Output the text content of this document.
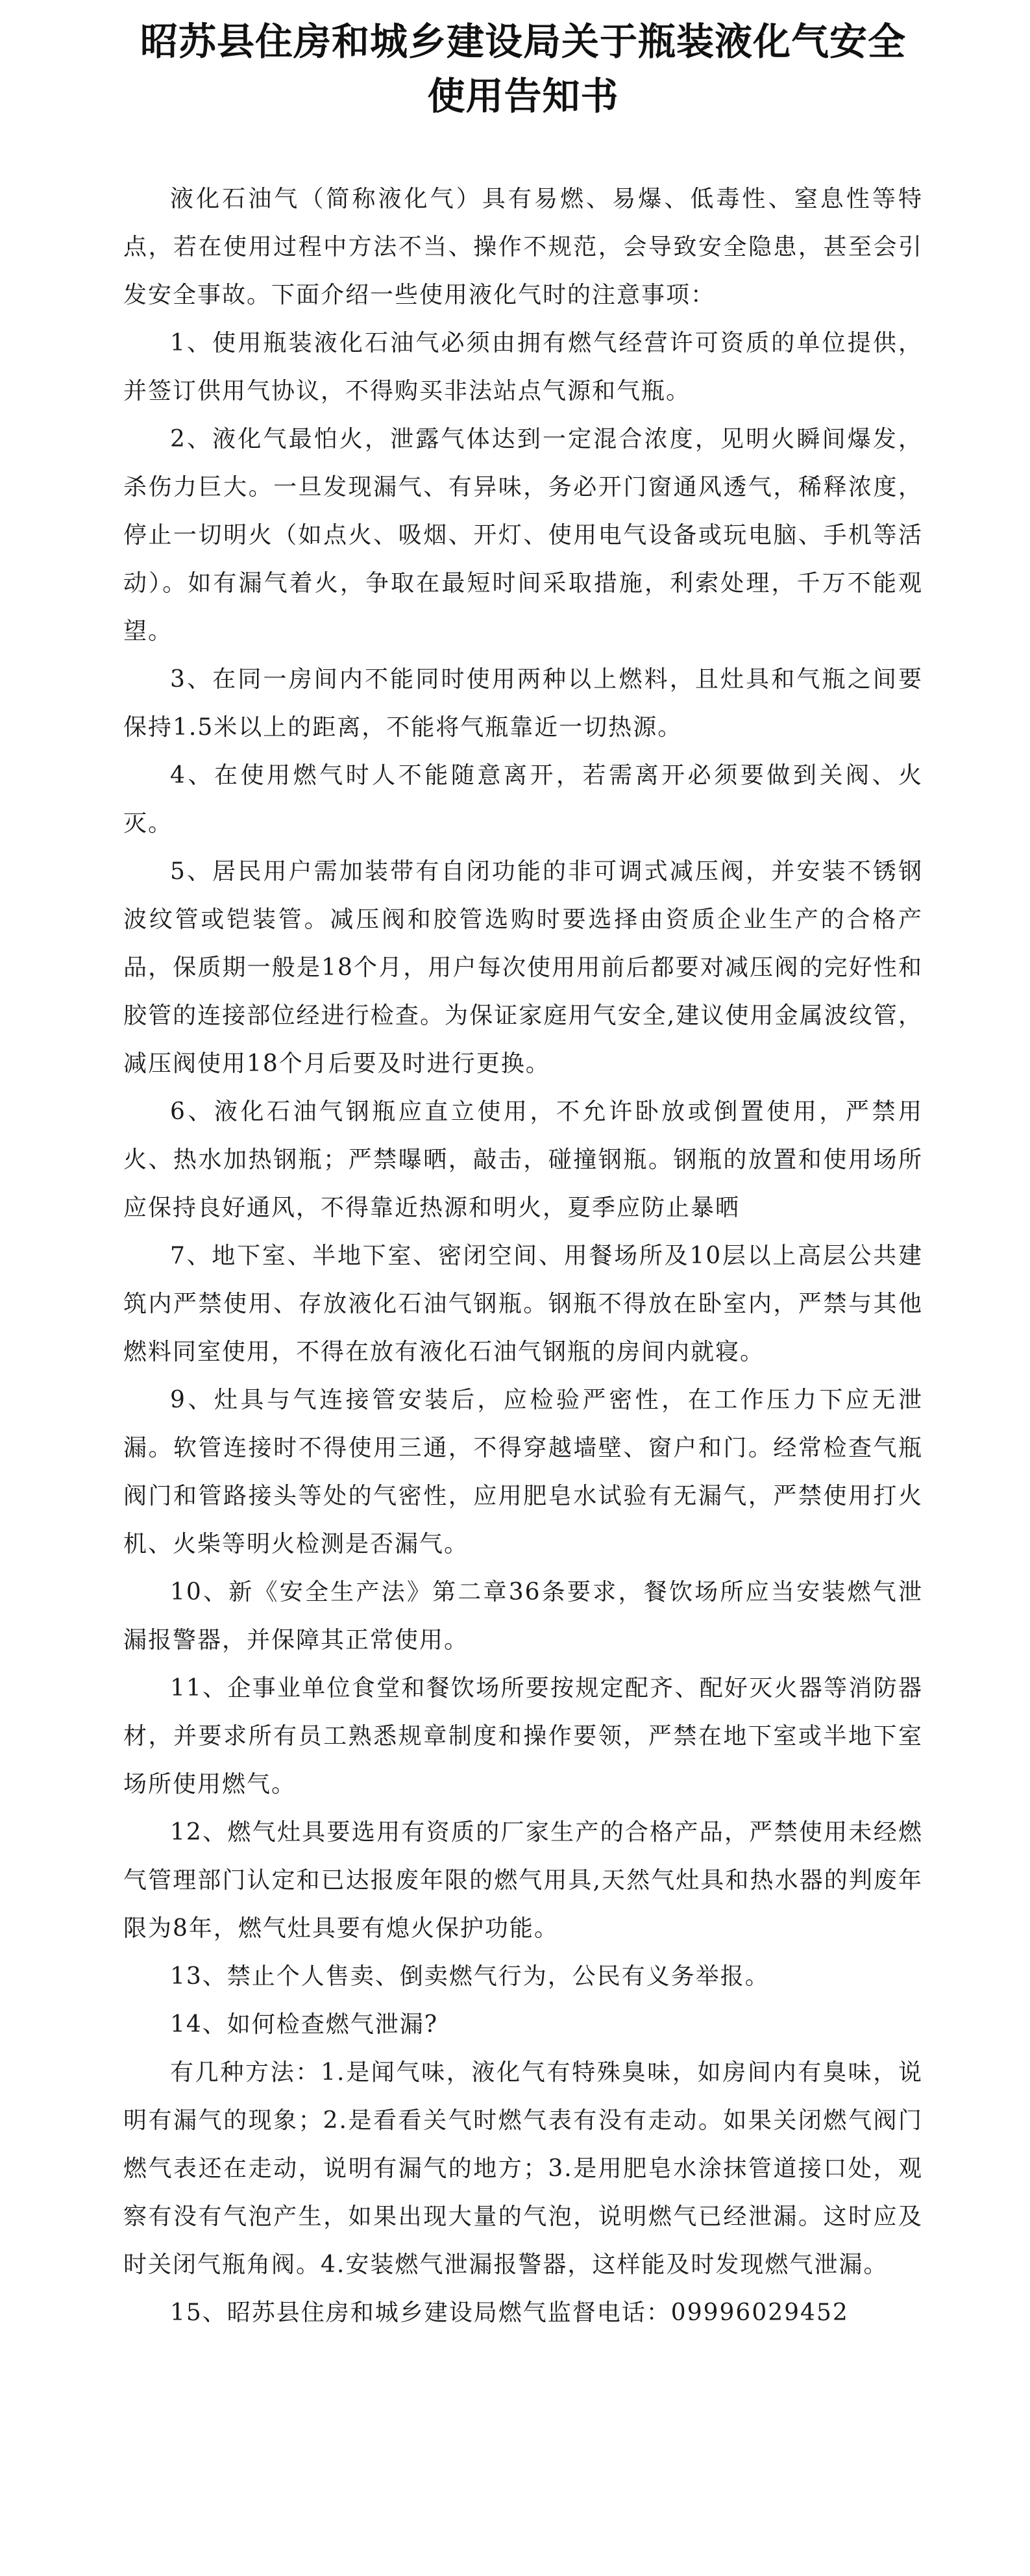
昭苏县住房和城乡建设局关于瓶装液化气安全
使用告知书

液化石油气（简称液化气）具有易燃、易爆、低毒性、窒息性等特点，若在使用过程中方法不当、操作不规范，会导致安全隐患，甚至会引发安全事故。下面介绍一些使用液化气时的注意事项：

1、使用瓶装液化石油气必须由拥有燃气经营许可资质的单位提供，并签订供用气协议，不得购买非法站点气源和气瓶。

2、液化气最怕火，泄露气体达到一定混合浓度，见明火瞬间爆发，杀伤力巨大。一旦发现漏气、有异味，务必开门窗通风透气，稀释浓度，停止一切明火（如点火、吸烟、开灯、使用电气设备或玩电脑、手机等活动）。如有漏气着火，争取在最短时间采取措施，利索处理，千万不能观望。

3、在同一房间内不能同时使用两种以上燃料，且灶具和气瓶之间要保持1.5米以上的距离，不能将气瓶靠近一切热源。

4、在使用燃气时人不能随意离开，若需离开必须要做到关阀、火灭。

5、居民用户需加装带有自闭功能的非可调式减压阀，并安装不锈钢波纹管或铠装管。减压阀和胶管选购时要选择由资质企业生产的合格产品，保质期一般是18个月，用户每次使用用前后都要对减压阀的完好性和胶管的连接部位经进行检查。为保证家庭用气安全,建议使用金属波纹管，减压阀使用18个月后要及时进行更换。

6、液化石油气钢瓶应直立使用，不允许卧放或倒置使用，严禁用火、热水加热钢瓶；严禁曝晒，敲击，碰撞钢瓶。钢瓶的放置和使用场所应保持良好通风，不得靠近热源和明火，夏季应防止暴晒

7、地下室、半地下室、密闭空间、用餐场所及10层以上高层公共建筑内严禁使用、存放液化石油气钢瓶。钢瓶不得放在卧室内，严禁与其他燃料同室使用，不得在放有液化石油气钢瓶的房间内就寝。

9、灶具与气连接管安装后，应检验严密性，在工作压力下应无泄漏。软管连接时不得使用三通，不得穿越墙壁、窗户和门。经常检查气瓶阀门和管路接头等处的气密性，应用肥皂水试验有无漏气，严禁使用打火机、火柴等明火检测是否漏气。

10、新《安全生产法》第二章36条要求，餐饮场所应当安装燃气泄漏报警器，并保障其正常使用。

11、企事业单位食堂和餐饮场所要按规定配齐、配好灭火器等消防器材，并要求所有员工熟悉规章制度和操作要领，严禁在地下室或半地下室场所使用燃气。

12、燃气灶具要选用有资质的厂家生产的合格产品，严禁使用未经燃气管理部门认定和已达报废年限的燃气用具,天然气灶具和热水器的判废年限为8年，燃气灶具要有熄火保护功能。

13、禁止个人售卖、倒卖燃气行为，公民有义务举报。

14、如何检查燃气泄漏?

有几种方法：1.是闻气味，液化气有特殊臭味，如房间内有臭味，说明有漏气的现象；2.是看看关气时燃气表有没有走动。如果关闭燃气阀门燃气表还在走动，说明有漏气的地方；3.是用肥皂水涂抹管道接口处，观察有没有气泡产生，如果出现大量的气泡，说明燃气已经泄漏。这时应及时关闭气瓶角阀。4.安装燃气泄漏报警器，这样能及时发现燃气泄漏。

15、昭苏县住房和城乡建设局燃气监督电话：09996029452
